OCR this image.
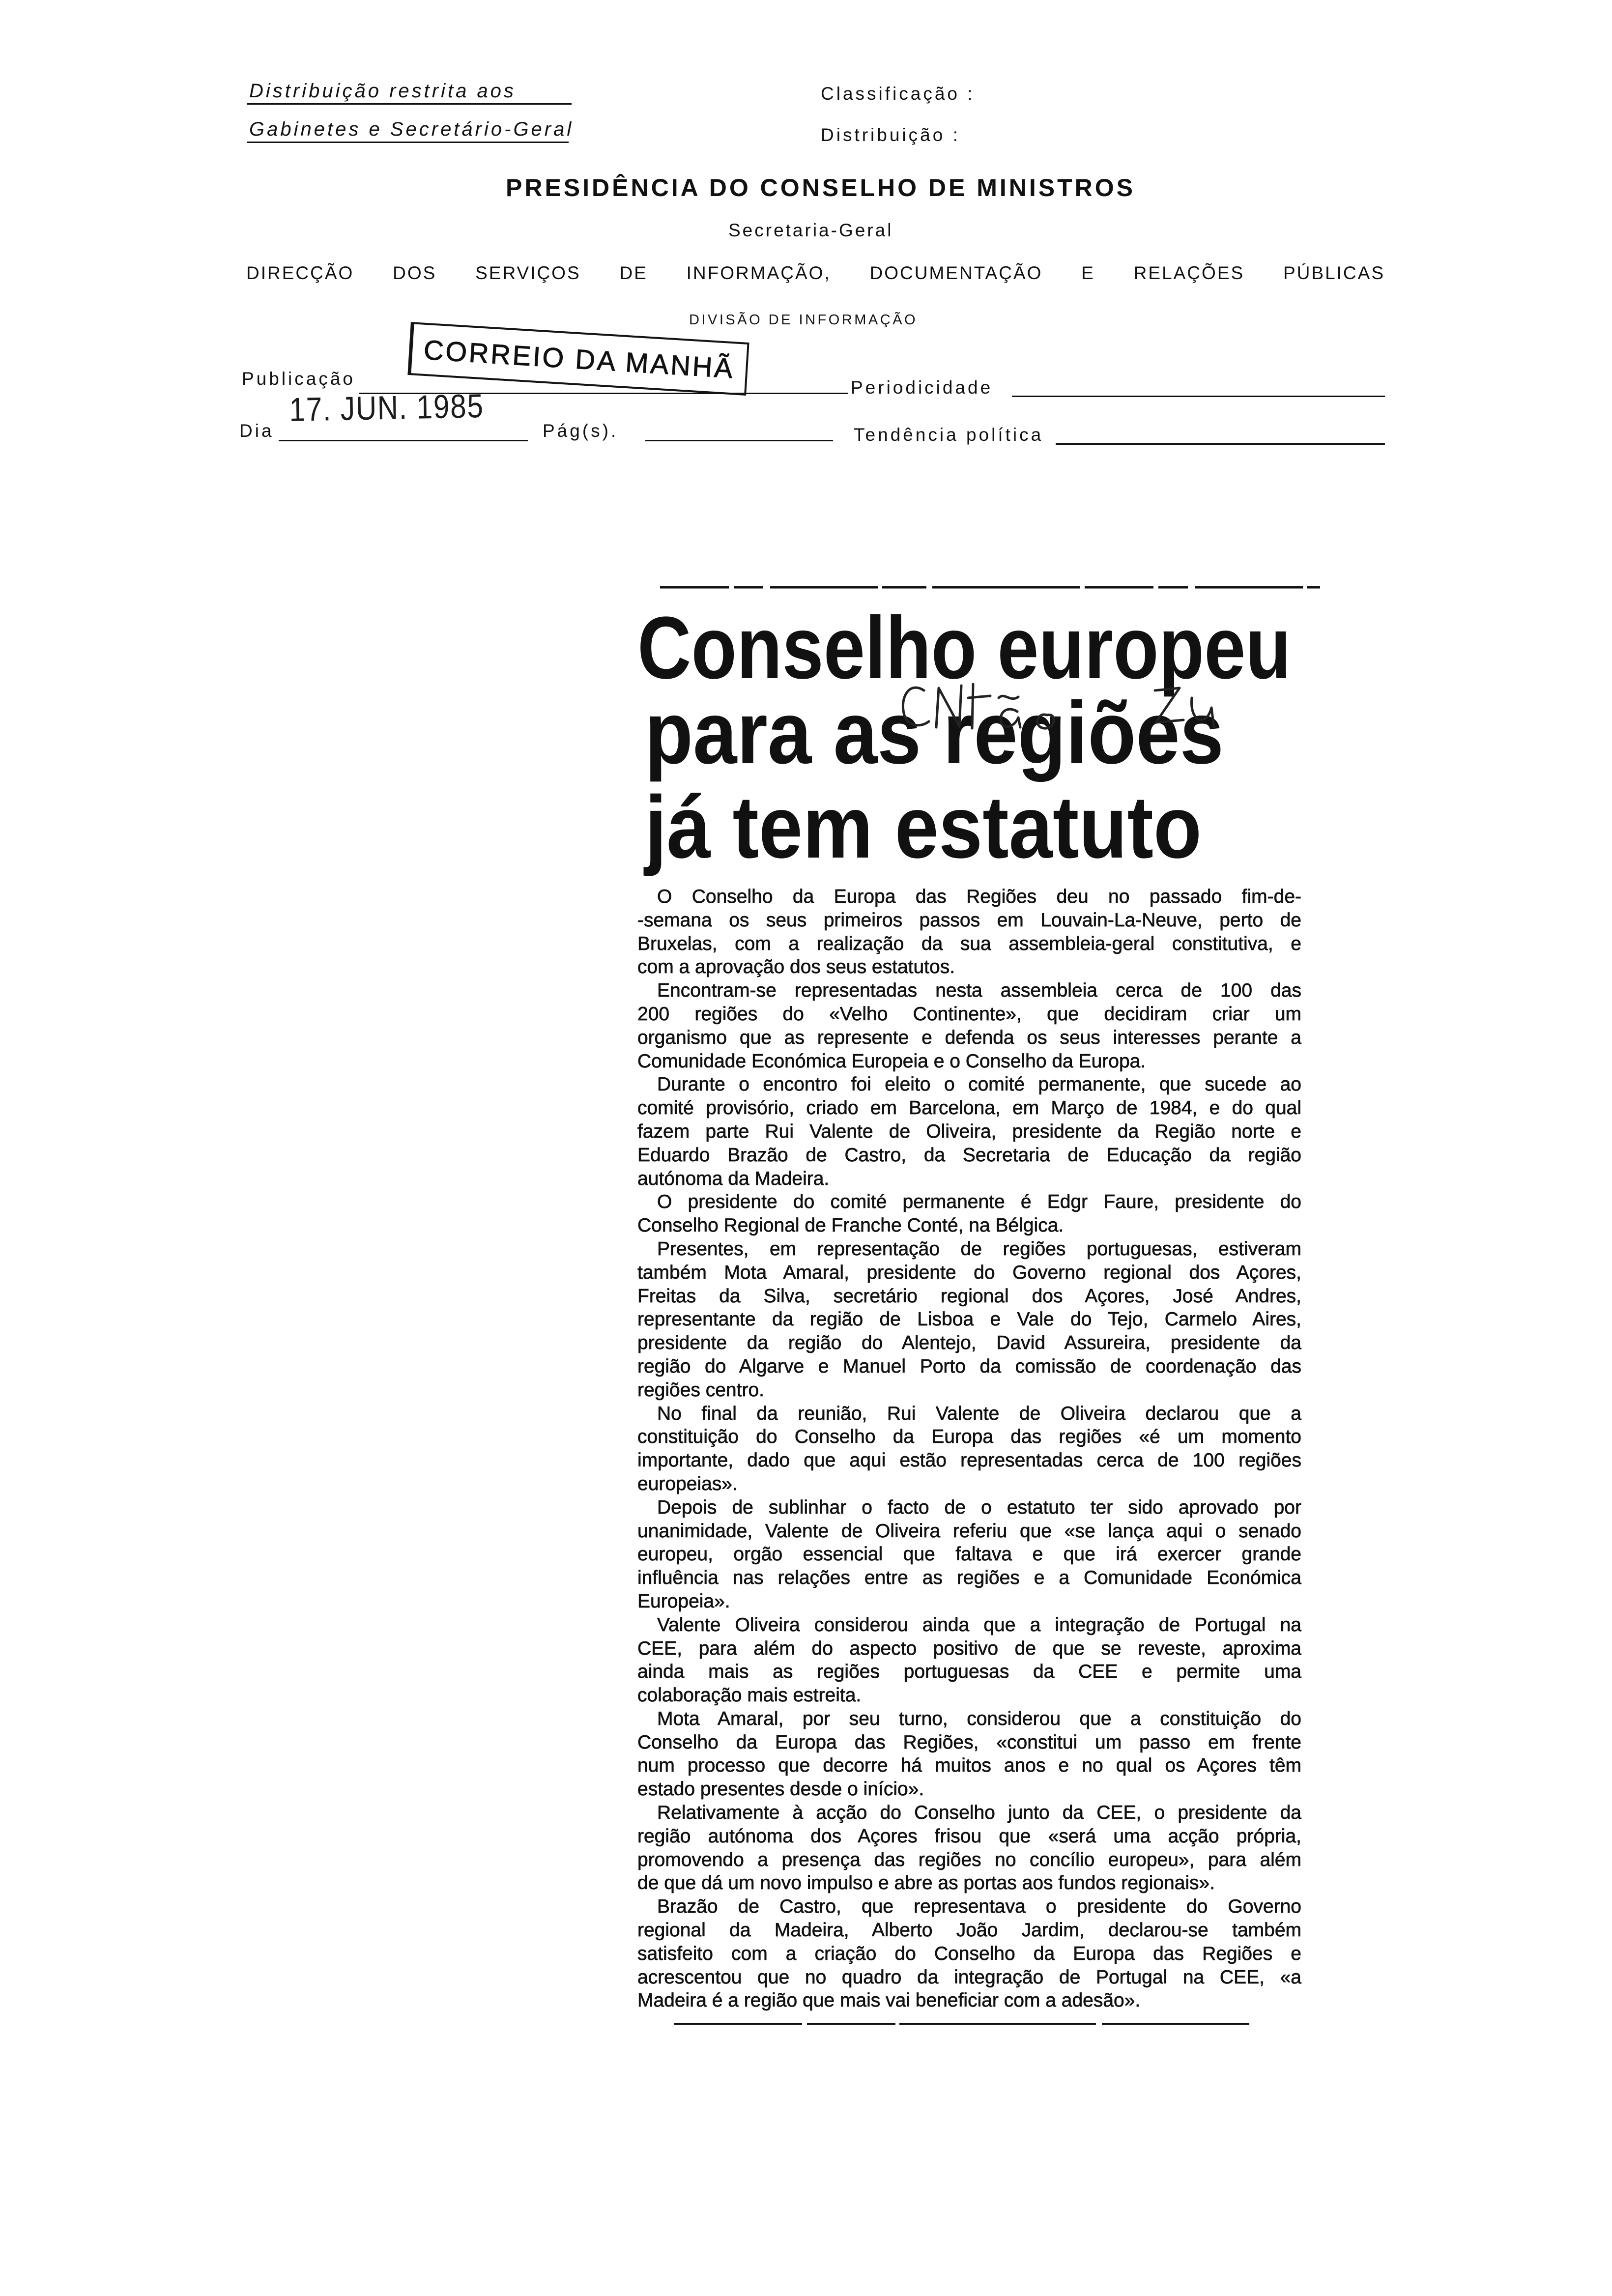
Distribuição restrita aos
Gabinetes e Secretário-Geral
Classificação :
Distribuição :
PRESIDÊNCIA DO CONSELHO DE MINISTROS
Secretaria-Geral
DIRECÇÃO DOS SERVIÇOS DE INFORMAÇÃO, DOCUMENTAÇÃO E RELAÇÕES PÚBLICAS
DIVISÃO DE INFORMAÇÃO
CORREIO DA MANHÃ
Publicação	Periodicidade
17. JUN. 1985
Dia	Pág(s).	Tendência política
Conselho europeu
para as regiões
já tem estatuto
O Conselho da Europa das Regiões deu no passado fim-de-
-semana os seus primeiros passos em Louvain-La-Neuve, perto de
Bruxelas, com a realização da sua assembleia-geral constitutiva, e
com a aprovação dos seus estatutos.
Encontram-se representadas nesta assembleia cerca de 100 das
200 regiões do «Velho Continente», que decidiram criar um
organismo que as represente e defenda os seus interesses perante a
Comunidade Económica Europeia e o Conselho da Europa.
Durante o encontro foi eleito o comité permanente, que sucede ao
comité provisório, criado em Barcelona, em Março de 1984, e do qual
fazem parte Rui Valente de Oliveira, presidente da Região norte e
Eduardo Brazão de Castro, da Secretaria de Educação da região
autónoma da Madeira.
O presidente do comité permanente é Edgr Faure, presidente do
Conselho Regional de Franche Conté, na Bélgica.
Presentes, em representação de regiões portuguesas, estiveram
também Mota Amaral, presidente do Governo regional dos Açores,
Freitas da Silva, secretário regional dos Açores, José Andres,
representante da região de Lisboa e Vale do Tejo, Carmelo Aires,
presidente da região do Alentejo, David Assureira, presidente da
região do Algarve e Manuel Porto da comissão de coordenação das
regiões centro.
No final da reunião, Rui Valente de Oliveira declarou que a
constituição do Conselho da Europa das regiões «é um momento
importante, dado que aqui estão representadas cerca de 100 regiões
europeias».
Depois de sublinhar o facto de o estatuto ter sido aprovado por
unanimidade, Valente de Oliveira referiu que «se lança aqui o senado
europeu, orgão essencial que faltava e que irá exercer grande
influência nas relações entre as regiões e a Comunidade Económica
Europeia».
Valente Oliveira considerou ainda que a integração de Portugal na
CEE, para além do aspecto positivo de que se reveste, aproxima
ainda mais as regiões portuguesas da CEE e permite uma
colaboração mais estreita.
Mota Amaral, por seu turno, considerou que a constituição do
Conselho da Europa das Regiões, «constitui um passo em frente
num processo que decorre há muitos anos e no qual os Açores têm
estado presentes desde o início».
Relativamente à acção do Conselho junto da CEE, o presidente da
região autónoma dos Açores frisou que «será uma acção própria,
promovendo a presença das regiões no concílio europeu», para além
de que dá um novo impulso e abre as portas aos fundos regionais».
Brazão de Castro, que representava o presidente do Governo
regional da Madeira, Alberto João Jardim, declarou-se também
satisfeito com a criação do Conselho da Europa das Regiões e
acrescentou que no quadro da integração de Portugal na CEE, «a
Madeira é a região que mais vai beneficiar com a adesão».
